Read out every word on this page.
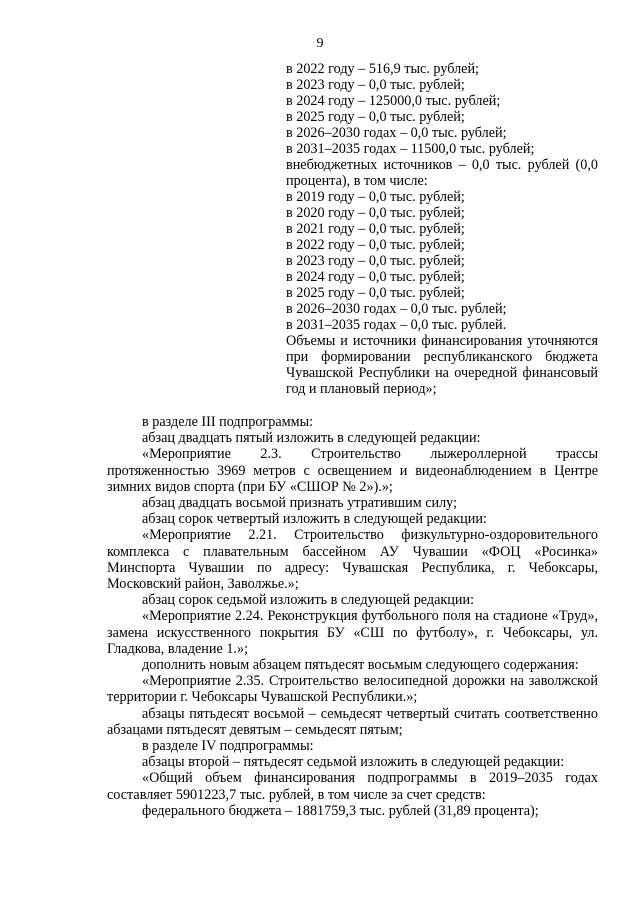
9

в 2022 году – 516,9 тыс. рублей;

в 2023 году – 0,0 тыс. рублей;

в 2024 году – 125000,0 тыс. рублей;

в 2025 году – 0,0 тыс. рублей;

в 2026–2030 годах – 0,0 тыс. рублей;

в 2031–2035 годах – 11500,0 тыс. рублей;

внебюджетных источников – 0,0 тыс. рублей (0,0 процента), в том числе:

в 2019 году – 0,0 тыс. рублей;

в 2020 году – 0,0 тыс. рублей;

в 2021 году – 0,0 тыс. рублей;

в 2022 году – 0,0 тыс. рублей;

в 2023 году – 0,0 тыс. рублей;

в 2024 году – 0,0 тыс. рублей;

в 2025 году – 0,0 тыс. рублей;

в 2026–2030 годах – 0,0 тыс. рублей;

в 2031–2035 годах – 0,0 тыс. рублей.

Объемы и источники финансирования уточняются при формировании республиканского бюджета Чувашской Республики на очередной финансовый год и плановый период»;

в разделе III подпрограммы:

абзац двадцать пятый изложить в следующей редакции:

«Мероприятие 2.3. Строительство лыжероллерной трассы протяженностью 3969 метров с освещением и видеонаблюдением в Центре зимних видов спорта (при БУ «СШОР № 2»).»;

абзац двадцать восьмой признать утратившим силу;

абзац сорок четвертый изложить в следующей редакции:

«Мероприятие 2.21. Строительство физкультурно-оздоровительного комплекса с плавательным бассейном АУ Чувашии «ФОЦ «Росинка» Минспорта Чувашии по адресу: Чувашская Республика, г. Чебоксары, Московский район, Заволжье.»;

абзац сорок седьмой изложить в следующей редакции:

«Мероприятие 2.24. Реконструкция футбольного поля на стадионе «Труд», замена искусственного покрытия БУ «СШ по футболу», г. Чебоксары, ул. Гладкова, владение 1.»;

дополнить новым абзацем пятьдесят восьмым следующего содержания:

«Мероприятие 2.35. Строительство велосипедной дорожки на заволжской территории г. Чебоксары Чувашской Республики.»;

абзацы пятьдесят восьмой – семьдесят четвертый считать соответственно абзацами пятьдесят девятым – семьдесят пятым;

в разделе IV подпрограммы:

абзацы второй – пятьдесят седьмой изложить в следующей редакции:

«Общий объем финансирования подпрограммы в 2019–2035 годах составляет 5901223,7 тыс. рублей, в том числе за счет средств:

федерального бюджета – 1881759,3 тыс. рублей (31,89 процента);
